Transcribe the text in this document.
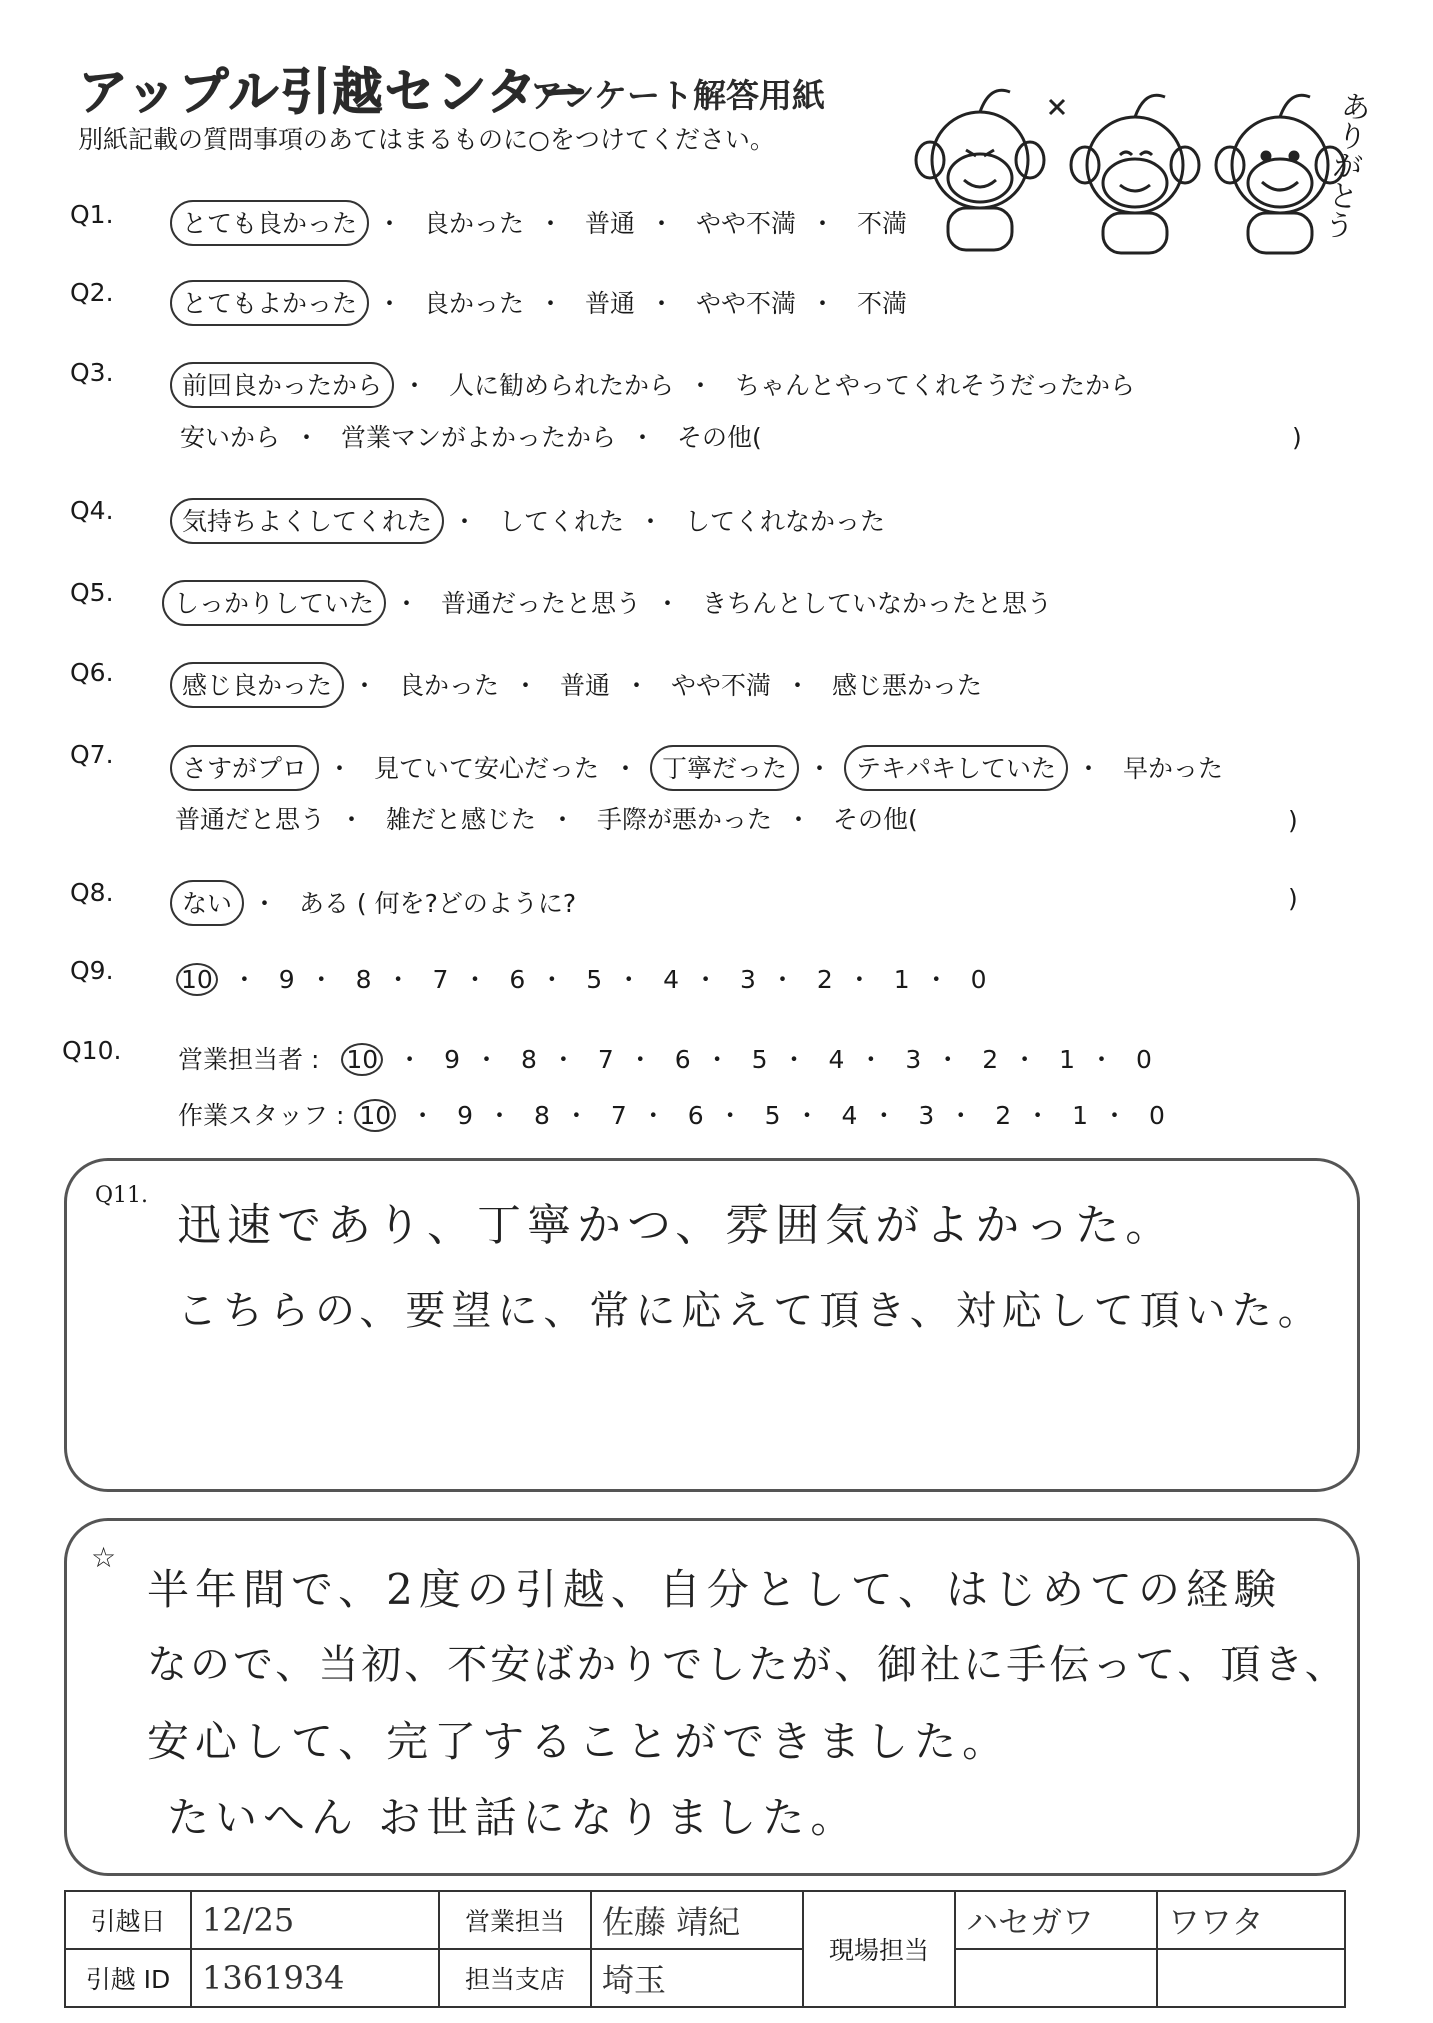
アップル引越センター
アンケート解答用紙
別紙記載の質問事項のあてはまるものに○をつけてください。	ありがとう
Q1.	とても良かった ・ 良かった ・ 普通 ・ やや不満 ・ 不満
Q2.	とてもよかった ・ 良かった ・ 普通 ・ やや不満 ・ 不満
Q3.	前回良かったから ・ 人に勧められたから ・ ちゃんとやってくれそうだったから
安いから ・ 営業マンがよかったから ・ その他(	)
Q4.	気持ちよくしてくれた ・ してくれた ・ してくれなかった
Q5. しっかりしていた ・ 普通だったと思う ・ きちんとしていなかったと思う
Q6.	感じ良かった ・ 良かった ・ 普通 ・ やや不満 ・ 感じ悪かった
Q7.	さすがプロ ・ 見ていて安心だった ・ 丁寧だった ・ テキパキしていた ・ 早かった
普通だと思う ・ 雑だと感じた ・ 手際が悪かった ・ その他(	)
Q8.	ない ・ ある ( 何を?どのように?	)
Q9.	10 ・ 9 ・ 8 ・ 7 ・ 6 ・ 5 ・ 4 ・ 3 ・ 2 ・ 1 ・ 0
Q10. 営業担当者 : 10 ・ 9 ・ 8 ・ 7 ・ 6 ・ 5 ・ 4 ・ 3 ・ 2 ・ 1 ・ 0
作業スタッフ : 10 ・ 9 ・ 8 ・ 7 ・ 6 ・ 5 ・ 4 ・ 3 ・ 2 ・ 1 ・ 0
Q11.
迅速であり、丁寧かつ、雰囲気がよかった。
こちらの、要望に、常に応えて頂き、対応して頂いた。
☆
半年間で、2度の引越、自分として、はじめての経験
なので、当初、不安ばかりでしたが、御社に手伝って、頂き、
安心して、完了することができました。
たいへん お世話になりました。
引越日	12/25	営業担当	佐藤 靖紀	現場担当	ハセガワ	ワワタ
引越 ID	1361934	担当支店	埼玉			
